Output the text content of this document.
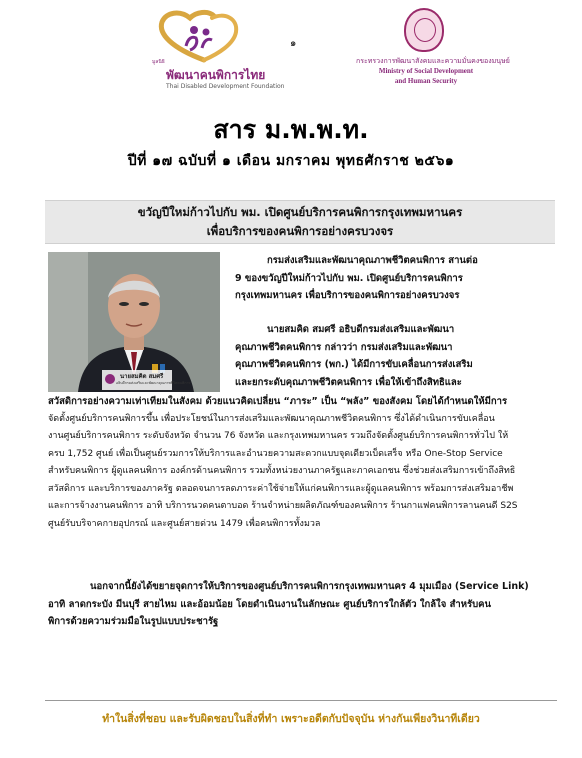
มูลนิธิ
พัฒนาคนพิการไทย
Thai Disabled Development Foundation
๑
กระทรวงการพัฒนาสังคมและความมั่นคงของมนุษย์
Ministry of Social Development
and Human Security
สาร ม.พ.พ.ท.
ปีที่ ๑๗ ฉบับที่ ๑ เดือน มกราคม พุทธศักราช ๒๕๖๑
ขวัญปีใหม่ก้าวไปกับ พม. เปิดศูนย์บริการคนพิการกรุงเทพมหานคร
เพื่อบริการของคนพิการอย่างครบวงจร
นายสมคิด สมศรี
อธิบดีกรมส่งเสริมและพัฒนาคุณภาพชีวิตคนพิการ
กรมส่งเสริมและพัฒนาคุณภาพชีวิตคนพิการ สานต่อ
9 ของขวัญปีใหม่ก้าวไปกับ พม. เปิดศูนย์บริการคนพิการ
กรุงเทพมหานคร เพื่อบริการของคนพิการอย่างครบวงจร
นายสมคิด สมศรี อธิบดีกรมส่งเสริมและพัฒนา
คุณภาพชีวิตคนพิการ กล่าวว่า กรมส่งเสริมและพัฒนา
คุณภาพชีวิตคนพิการ (พก.) ได้มีการขับเคลื่อนการส่งเสริม
และยกระดับคุณภาพชีวิตคนพิการ เพื่อให้เข้าถึงสิทธิและ
สวัสดิการอย่างความเท่าเทียมในสังคม ด้วยแนวคิดเปลี่ยน “ภาระ” เป็น “พลัง” ของสังคม โดยได้กำหนดให้มีการ
จัดตั้งศูนย์บริการคนพิการขึ้น เพื่อประโยชน์ในการส่งเสริมและพัฒนาคุณภาพชีวิตคนพิการ ซึ่งได้ดำเนินการขับเคลื่อน
งานศูนย์บริการคนพิการ ระดับจังหวัด จำนวน 76 จังหวัด และกรุงเทพมหานคร รวมถึงจัดตั้งศูนย์บริการคนพิการทั่วไป ให้
ครบ 1,752 ศูนย์ เพื่อเป็นศูนย์รวมการให้บริการและอำนวยความสะดวกแบบจุดเดียวเบ็ดเสร็จ หรือ One-Stop Service
สำหรับคนพิการ ผู้ดูแลคนพิการ องค์กรด้านคนพิการ รวมทั้งหน่วยงานภาครัฐและภาคเอกชน ซึ่งช่วยส่งเสริมการเข้าถึงสิทธิ
สวัสดิการ และบริการของภาครัฐ ตลอดจนการลดภาระค่าใช้จ่ายให้แก่คนพิการและผู้ดูแลคนพิการ พร้อมการส่งเสริมอาชีพ
และการจ้างงานคนพิการ อาทิ บริการนวดคนตาบอด ร้านจำหน่ายผลิตภัณฑ์ของคนพิการ ร้านกาแฟคนพิการลานคนดี S2S
ศูนย์รับบริจาคกายอุปกรณ์ และศูนย์สายด่วน 1479 เพื่อคนพิการทั้งมวล
นอกจากนี้ยังได้ขยายจุดการให้บริการของศูนย์บริการคนพิการกรุงเทพมหานคร 4 มุมเมือง (Service Link)
อาทิ ลาดกระบัง มีนบุรี สายไหม และอ้อมน้อย โดยดำเนินงานในลักษณะ ศูนย์บริการใกล้ตัว ใกล้ใจ สำหรับคน
พิการด้วยความร่วมมือในรูปแบบประชารัฐ
ทำในสิ่งที่ชอบ และรับผิดชอบในสิ่งที่ทำ เพราะอดีตกับปัจจุบัน ห่างกันเพียงวินาทีเดียว
